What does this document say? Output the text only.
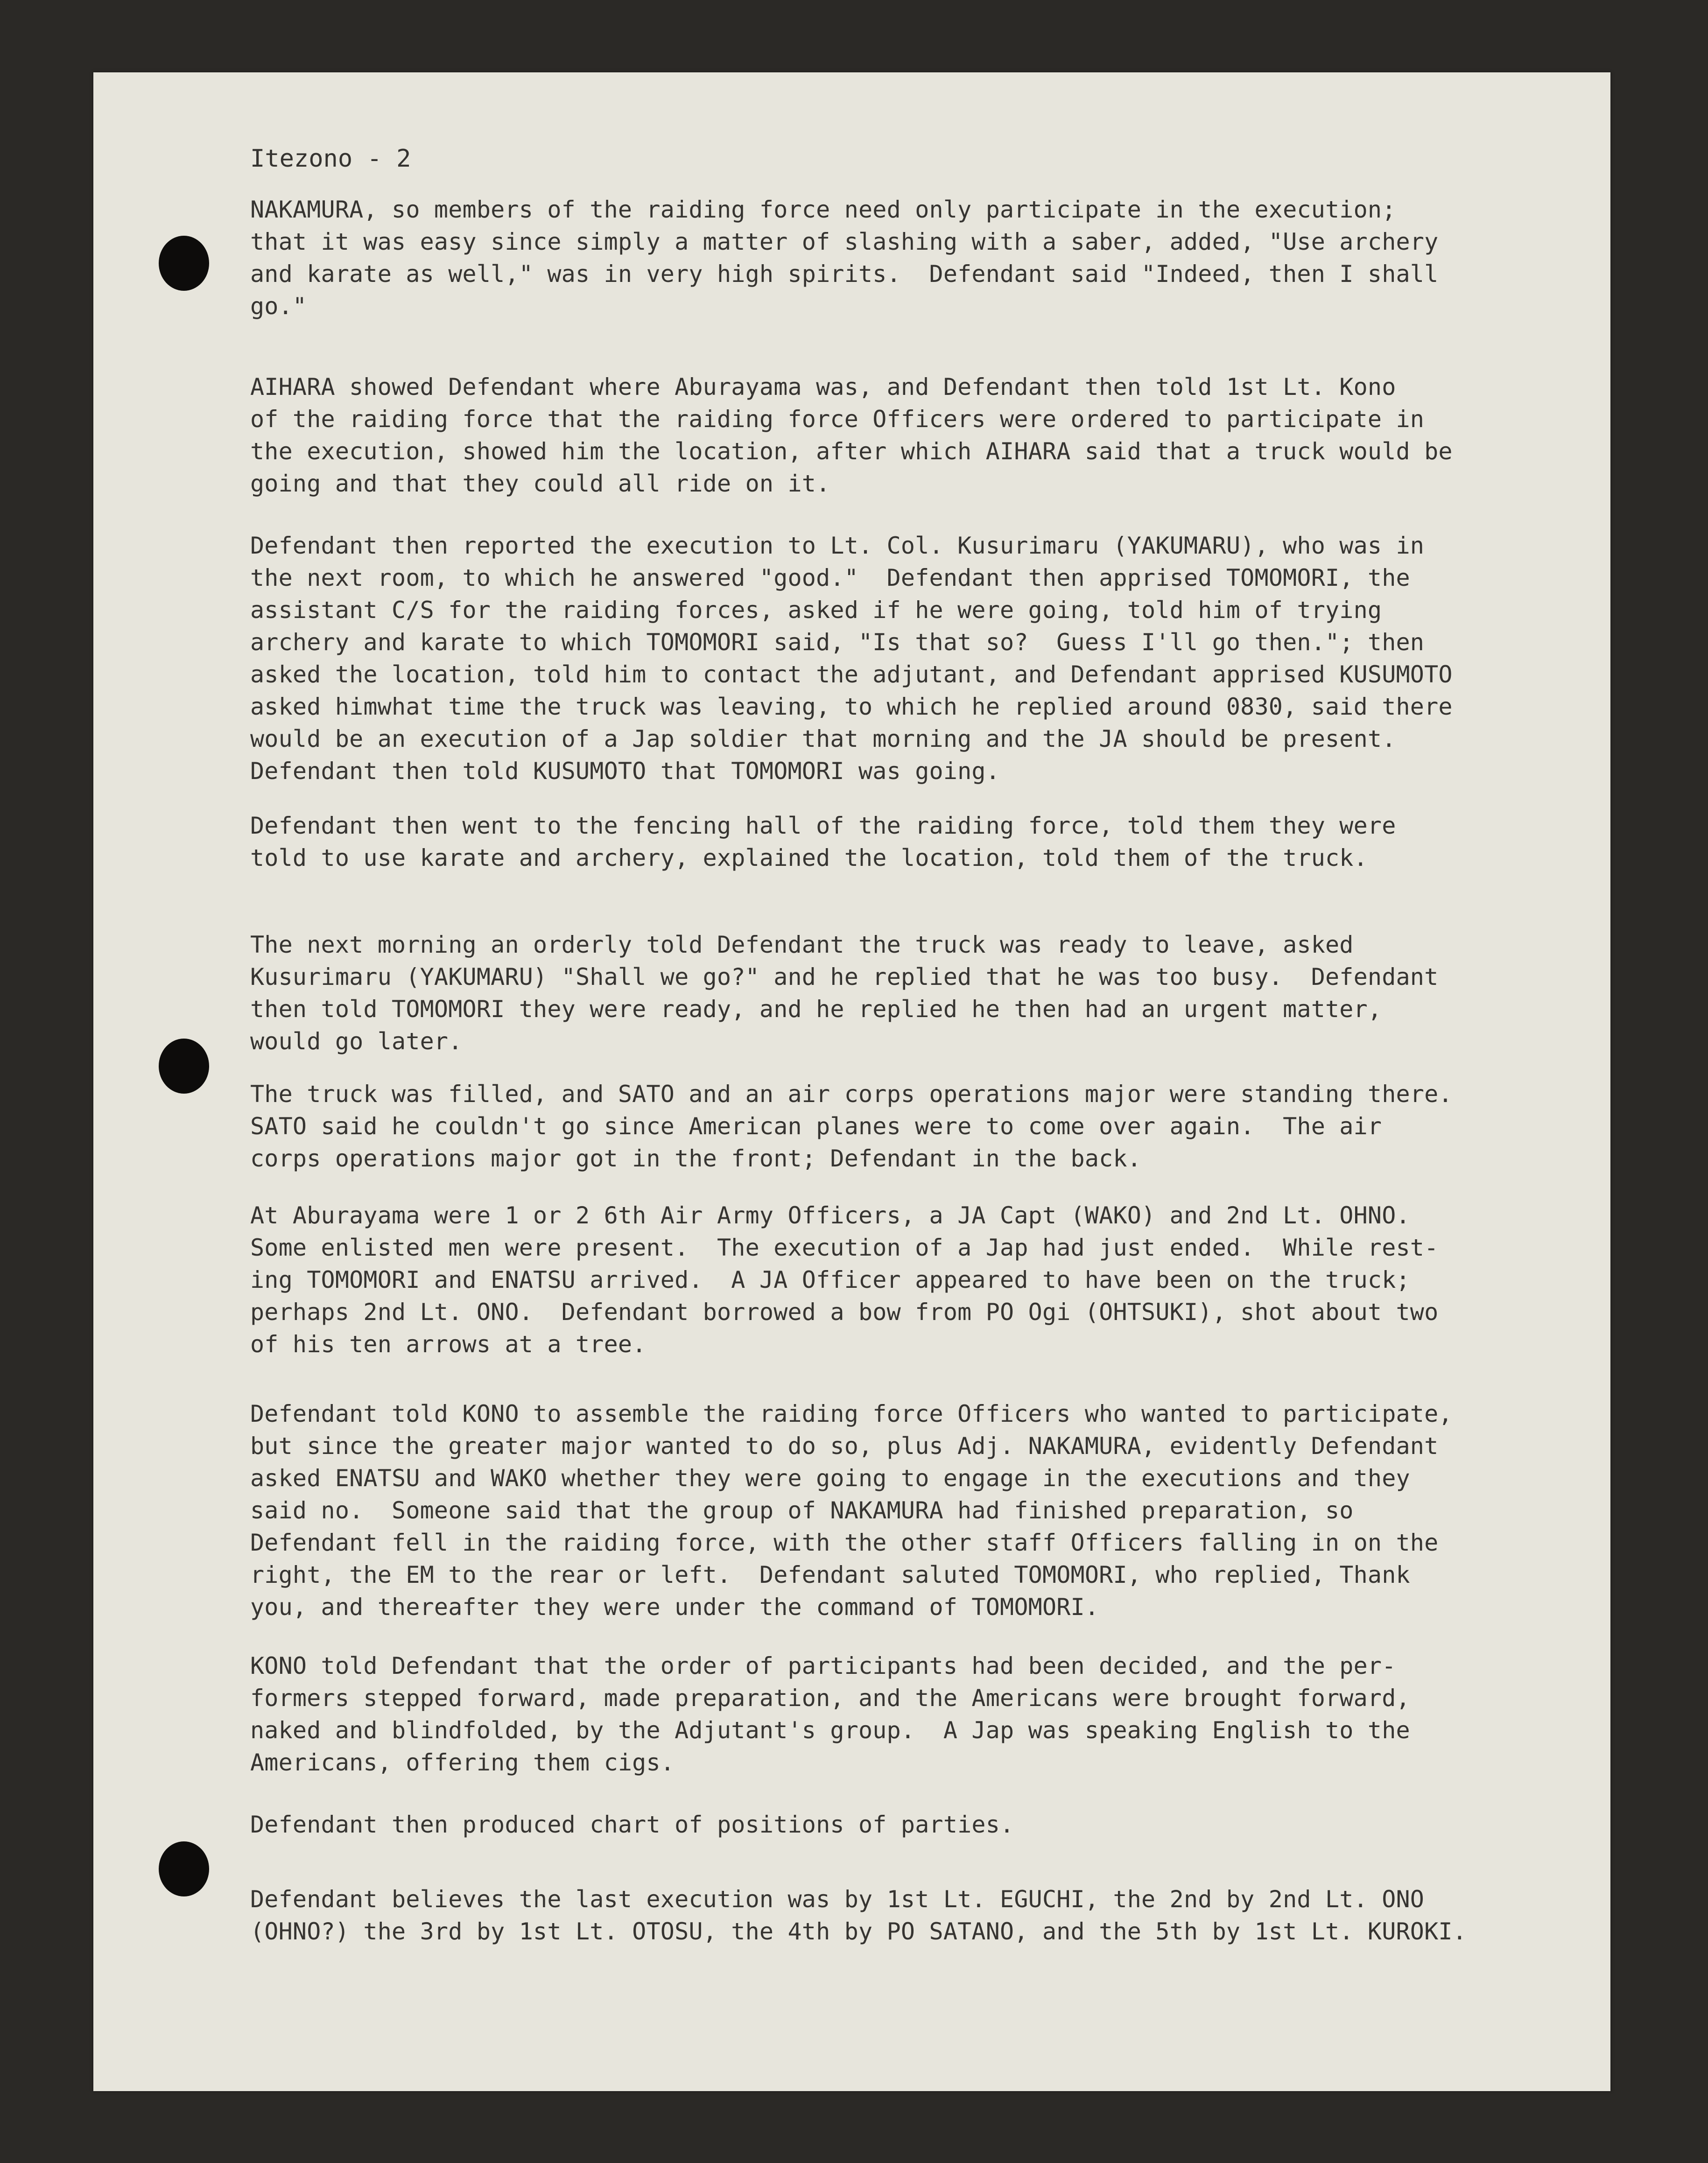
Itezono - 2
NAKAMURA, so members of the raiding force need only participate in the execution;
that it was easy since simply a matter of slashing with a saber, added, "Use archery
and karate as well," was in very high spirits.  Defendant said "Indeed, then I shall
go."
AIHARA showed Defendant where Aburayama was, and Defendant then told 1st Lt. Kono
of the raiding force that the raiding force Officers were ordered to participate in
the execution, showed him the location, after which AIHARA said that a truck would be
going and that they could all ride on it.
Defendant then reported the execution to Lt. Col. Kusurimaru (YAKUMARU), who was in
the next room, to which he answered "good."  Defendant then apprised TOMOMORI, the
assistant C/S for the raiding forces, asked if he were going, told him of trying
archery and karate to which TOMOMORI said, "Is that so?  Guess I'll go then."; then
asked the location, told him to contact the adjutant, and Defendant apprised KUSUMOTO
asked himwhat time the truck was leaving, to which he replied around 0830, said there
would be an execution of a Jap soldier that morning and the JA should be present.
Defendant then told KUSUMOTO that TOMOMORI was going.
Defendant then went to the fencing hall of the raiding force, told them they were
told to use karate and archery, explained the location, told them of the truck.
The next morning an orderly told Defendant the truck was ready to leave, asked
Kusurimaru (YAKUMARU) "Shall we go?" and he replied that he was too busy.  Defendant
then told TOMOMORI they were ready, and he replied he then had an urgent matter,
would go later.
The truck was filled, and SATO and an air corps operations major were standing there.
SATO said he couldn't go since American planes were to come over again.  The air
corps operations major got in the front; Defendant in the back.
At Aburayama were 1 or 2 6th Air Army Officers, a JA Capt (WAKO) and 2nd Lt. OHNO.
Some enlisted men were present.  The execution of a Jap had just ended.  While rest-
ing TOMOMORI and ENATSU arrived.  A JA Officer appeared to have been on the truck;
perhaps 2nd Lt. ONO.  Defendant borrowed a bow from PO Ogi (OHTSUKI), shot about two
of his ten arrows at a tree.
Defendant told KONO to assemble the raiding force Officers who wanted to participate,
but since the greater major wanted to do so, plus Adj. NAKAMURA, evidently Defendant
asked ENATSU and WAKO whether they were going to engage in the executions and they
said no.  Someone said that the group of NAKAMURA had finished preparation, so
Defendant fell in the raiding force, with the other staff Officers falling in on the
right, the EM to the rear or left.  Defendant saluted TOMOMORI, who replied, Thank
you, and thereafter they were under the command of TOMOMORI.
KONO told Defendant that the order of participants had been decided, and the per-
formers stepped forward, made preparation, and the Americans were brought forward,
naked and blindfolded, by the Adjutant's group.  A Jap was speaking English to the
Americans, offering them cigs.
Defendant then produced chart of positions of parties.
Defendant believes the last execution was by 1st Lt. EGUCHI, the 2nd by 2nd Lt. ONO
(OHNO?) the 3rd by 1st Lt. OTOSU, the 4th by PO SATANO, and the 5th by 1st Lt. KUROKI.
